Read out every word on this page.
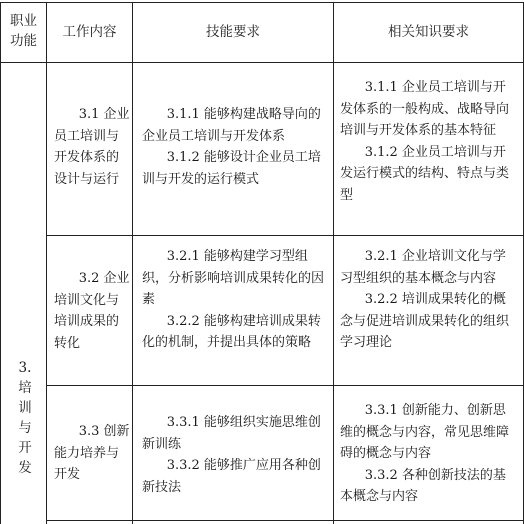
职业
功能
工作内容	技能要求	相关知识要求
3.
培
训
与
开
发

3.1 企业员工培训与开发体系的设计与运行

3.1.1 能够构建战略导向的企业员工培训与开发体系

3.1.2 能够设计企业员工培训与开发的运行模式

3.1.1 企业员工培训与开发体系的一般构成、战略导向培训与开发体系的基本特征

3.1.2 企业员工培训与开发运行模式的结构、特点与类型

3.2 企业培训文化与培训成果的转化

3.2.1 能够构建学习型组织，分析影响培训成果转化的因素

3.2.2 能够构建培训成果转化的机制，并提出具体的策略

3.2.1 企业培训文化与学习型组织的基本概念与内容

3.2.2 培训成果转化的概念与促进培训成果转化的组织学习理论

3.3 创新能力培养与开发

3.3.1 能够组织实施思维创新训练

3.3.2 能够推广应用各种创新技法

3.3.1 创新能力、创新思维的概念与内容，常见思维障碍的概念与内容

3.3.2 各种创新技法的基本概念与内容
